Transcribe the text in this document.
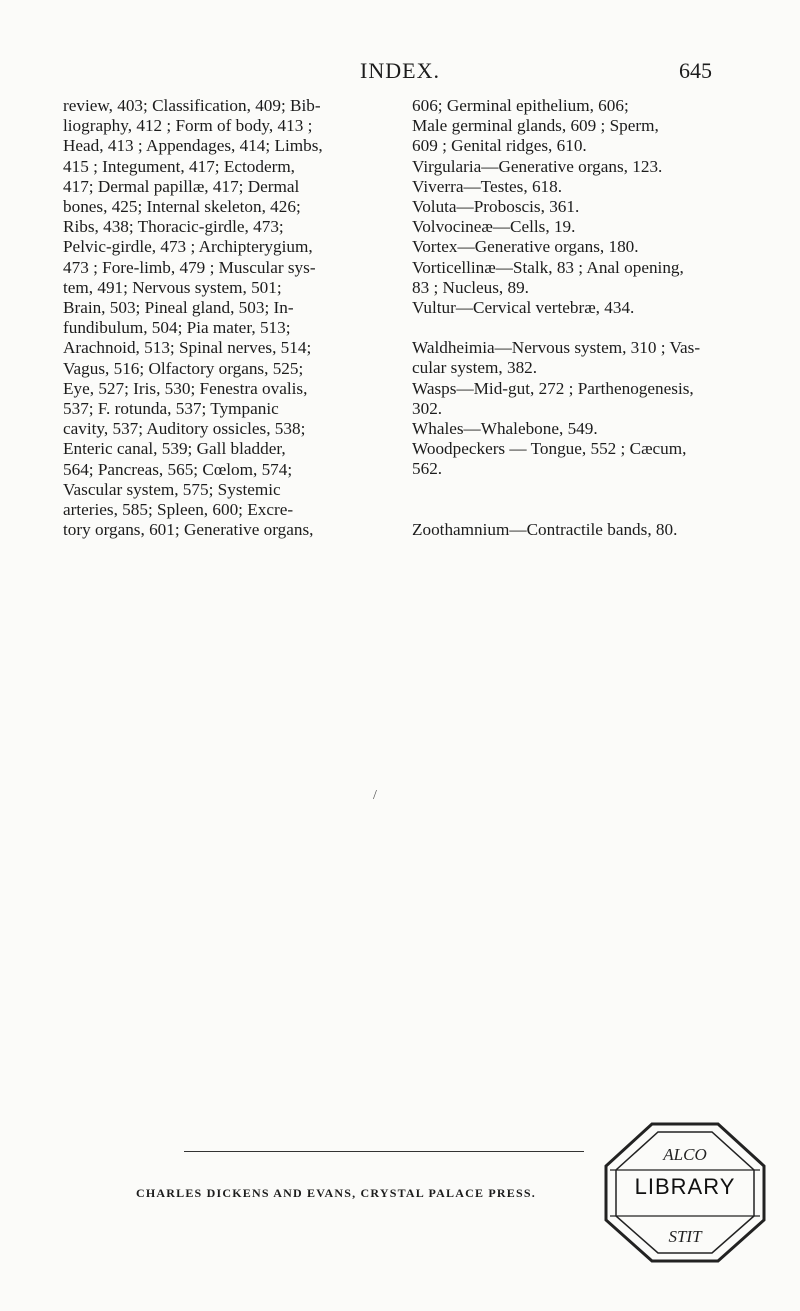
INDEX.	645
review, 403; Classification, 409; Bib-
liography, 412 ; Form of body, 413 ;
Head, 413 ; Appendages, 414; Limbs,
415 ; Integument, 417; Ectoderm,
417; Dermal papillæ, 417; Dermal
bones, 425; Internal skeleton, 426;
Ribs, 438; Thoracic-girdle, 473;
Pelvic-girdle, 473 ; Archipterygium,
473 ; Fore-limb, 479 ; Muscular sys-
tem, 491; Nervous system, 501;
Brain, 503; Pineal gland, 503; In-
fundibulum, 504; Pia mater, 513;
Arachnoid, 513; Spinal nerves, 514;
Vagus, 516; Olfactory organs, 525;
Eye, 527; Iris, 530; Fenestra ovalis,
537; F. rotunda, 537; Tympanic
cavity, 537; Auditory ossicles, 538;
Enteric canal, 539; Gall bladder,
564; Pancreas, 565; Cœlom, 574;
Vascular system, 575; Systemic
arteries, 585; Spleen, 600; Excre-
tory organs, 601; Generative organs,
606; Germinal epithelium, 606;
Male germinal glands, 609 ; Sperm,
609 ; Genital ridges, 610.
Virgularia—Generative organs, 123.
Viverra—Testes, 618.
Voluta—Proboscis, 361.
Volvocineæ—Cells, 19.
Vortex—Generative organs, 180.
Vorticellinæ—Stalk, 83 ; Anal opening,
83 ; Nucleus, 89.
Vultur—Cervical vertebræ, 434.
Waldheimia—Nervous system, 310 ; Vas-
cular system, 382.
Wasps—Mid-gut, 272 ; Parthenogenesis,
302.
Whales—Whalebone, 549.
Woodpeckers — Tongue, 552 ; Cæcum,
562.
Zoothamnium—Contractile bands, 80.
/
CHARLES DICKENS AND EVANS, CRYSTAL PALACE PRESS.
ALCO
STIT
LIBRARY
